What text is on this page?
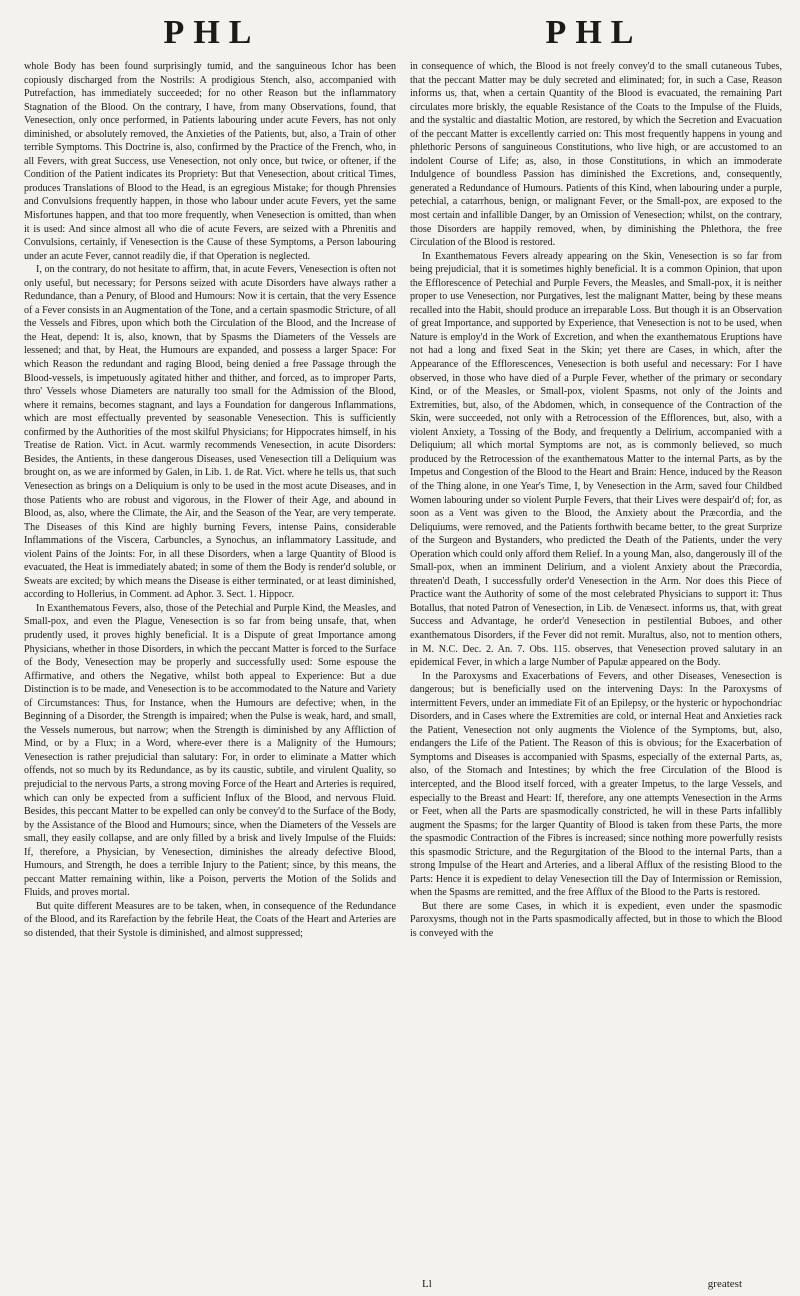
PHL	PHL

whole Body has been found surprisingly tumid, and the sanguineous Ichor has been copiously discharged from the Nostrils: A prodigious Stench, also, accompanied with Putrefaction, has immediately succeeded; for no other Reason but the inflammatory Stagnation of the Blood. On the contrary, I have, from many Observations, found, that Venesection, only once performed, in Patients labouring under acute Fevers, has not only diminished, or absolutely removed, the Anxieties of the Patients, but, also, a Train of other terrible Symptoms. This Doctrine is, also, confirmed by the Practice of the French, who, in all Fevers, with great Success, use Venesection, not only once, but twice, or oftener, if the Condition of the Patient indicates its Propriety: But that Venesection, about critical Times, produces Translations of Blood to the Head, is an egregious Mistake; for though Phrensies and Convulsions frequently happen, in those who labour under acute Fevers, yet the same Misfortunes happen, and that too more frequently, when Venesection is omitted, than when it is used: And since almost all who die of acute Fevers, are seized with a Phrenitis and Convulsions, certainly, if Venesection is the Cause of these Symptoms, a Person labouring under an acute Fever, cannot readily die, if that Operation is neglected.

I, on the contrary, do not hesitate to affirm, that, in acute Fevers, Venesection is often not only useful, but necessary; for Persons seized with acute Disorders have always rather a Redundance, than a Penury, of Blood and Humours: Now it is certain, that the very Essence of a Fever consists in an Augmentation of the Tone, and a certain spasmodic Stricture, of all the Vessels and Fibres, upon which both the Circulation of the Blood, and the Increase of the Heat, depend: It is, also, known, that by Spasms the Diameters of the Vessels are lessened; and that, by Heat, the Humours are expanded, and possess a larger Space: For which Reason the redundant and raging Blood, being denied a free Passage through the Blood-vessels, is impetuously agitated hither and thither, and forced, as to improper Parts, thro' Vessels whose Diameters are naturally too small for the Admission of the Blood, where it remains, becomes stagnant, and lays a Foundation for dangerous Inflammations, which are most effectually prevented by seasonable Venesection. This is sufficiently confirmed by the Authorities of the most skilful Physicians; for Hippocrates himself, in his Treatise de Ration. Vict. in Acut. warmly recommends Venesection, in acute Disorders: Besides, the Antients, in these dangerous Diseases, used Venesection till a Deliquium was brought on, as we are informed by Galen, in Lib. 1. de Rat. Vict. where he tells us, that such Venesection as brings on a Deliquium is only to be used in the most acute Diseases, and in those Patients who are robust and vigorous, in the Flower of their Age, and abound in Blood, as, also, where the Climate, the Air, and the Season of the Year, are very temperate. The Diseases of this Kind are highly burning Fevers, intense Pains, considerable Inflammations of the Viscera, Carbuncles, a Synochus, an inflammatory Lassitude, and violent Pains of the Joints: For, in all these Disorders, when a large Quantity of Blood is evacuated, the Heat is immediately abated; in some of them the Body is render'd soluble, or Sweats are excited; by which means the Disease is either terminated, or at least diminished, according to Hollerius, in Comment. ad Aphor. 3. Sect. 1. Hippocr.

In Exanthematous Fevers, also, those of the Petechial and Purple Kind, the Measles, and Small-pox, and even the Plague, Venesection is so far from being unsafe, that, when prudently used, it proves highly beneficial. It is a Dispute of great Importance among Physicians, whether in those Disorders, in which the peccant Matter is forced to the Surface of the Body, Venesection may be properly and successfully used: Some espouse the Affirmative, and others the Negative, whilst both appeal to Experience: But a due Distinction is to be made, and Venesection is to be accommodated to the Nature and Variety of Circumstances: Thus, for Instance, when the Humours are defective; when, in the Beginning of a Disorder, the Strength is impaired; when the Pulse is weak, hard, and small, the Vessels numerous, but narrow; when the Strength is diminished by any Affliction of Mind, or by a Flux; in a Word, where-ever there is a Malignity of the Humours; Venesection is rather prejudicial than salutary: For, in order to eliminate a Matter which offends, not so much by its Redundance, as by its caustic, subtile, and virulent Quality, so prejudicial to the nervous Parts, a strong moving Force of the Heart and Arteries is required, which can only be expected from a sufficient Influx of the Blood, and nervous Fluid. Besides, this peccant Matter to be expelled can only be convey'd to the Surface of the Body, by the Assistance of the Blood and Humours; since, when the Diameters of the Vessels are small, they easily collapse, and are only filled by a brisk and lively Impulse of the Fluids: If, therefore, a Physician, by Venesection, diminishes the already defective Blood, Humours, and Strength, he does a terrible Injury to the Patient; since, by this means, the peccant Matter remaining within, like a Poison, perverts the Motion of the Solids and Fluids, and proves mortal.

But quite different Measures are to be taken, when, in consequence of the Redundance of the Blood, and its Rarefaction by the febrile Heat, the Coats of the Heart and Arteries are so distended, that their Systole is diminished, and almost suppressed;

in consequence of which, the Blood is not freely convey'd to the small cutaneous Tubes, that the peccant Matter may be duly secreted and eliminated; for, in such a Case, Reason informs us, that, when a certain Quantity of the Blood is evacuated, the remaining Part circulates more briskly, the equable Resistance of the Coats to the Impulse of the Fluids, and the systaltic and diastaltic Motion, are restored, by which the Secretion and Evacuation of the peccant Matter is excellently carried on: This most frequently happens in young and phlethoric Persons of sanguineous Constitutions, who live high, or are accustomed to an indolent Course of Life; as, also, in those Constitutions, in which an immoderate Indulgence of boundless Passion has diminished the Excretions, and, consequently, generated a Redundance of Humours. Patients of this Kind, when labouring under a purple, petechial, a catarrhous, benign, or malignant Fever, or the Small-pox, are exposed to the most certain and infallible Danger, by an Omission of Venesection; whilst, on the contrary, those Disorders are happily removed, when, by diminishing the Phlethora, the free Circulation of the Blood is restored.

In Exanthematous Fevers already appearing on the Skin, Venesection is so far from being prejudicial, that it is sometimes highly beneficial. It is a common Opinion, that upon the Efflorescence of Petechial and Purple Fevers, the Measles, and Small-pox, it is neither proper to use Venesection, nor Purgatives, lest the malignant Matter, being by these means recalled into the Habit, should produce an irreparable Loss. But though it is an Observation of great Importance, and supported by Experience, that Venesection is not to be used, when Nature is employ'd in the Work of Excretion, and when the exanthematous Eruptions have not had a long and fixed Seat in the Skin; yet there are Cases, in which, after the Appearance of the Efflorescences, Venesection is both useful and necessary: For I have observed, in those who have died of a Purple Fever, whether of the primary or secondary Kind, or of the Measles, or Small-pox, violent Spasms, not only of the Joints and Extremities, but, also, of the Abdomen, which, in consequence of the Contraction of the Skin, were succeeded, not only with a Retrocession of the Efflorences, but, also, with a violent Anxiety, a Tossing of the Body, and frequently a Delirium, accompanied with a Deliquium; all which mortal Symptoms are not, as is commonly believed, so much produced by the Retrocession of the exanthematous Matter to the internal Parts, as by the Impetus and Congestion of the Blood to the Heart and Brain: Hence, induced by the Reason of the Thing alone, in one Year's Time, I, by Venesection in the Arm, saved four Childbed Women labouring under so violent Purple Fevers, that their Lives were despair'd of; for, as soon as a Vent was given to the Blood, the Anxiety about the Præcordia, and the Deliquiums, were removed, and the Patients forthwith became better, to the great Surprize of the Surgeon and Bystanders, who predicted the Death of the Patients, under the very Operation which could only afford them Relief. In a young Man, also, dangerously ill of the Small-pox, when an imminent Delirium, and a violent Anxiety about the Præcordia, threaten'd Death, I successfully order'd Venesection in the Arm. Nor does this Piece of Practice want the Authority of some of the most celebrated Physicians to support it: Thus Botallus, that noted Patron of Venesection, in Lib. de Venæsect. informs us, that, with great Success and Advantage, he order'd Venesection in pestilential Buboes, and other exanthematous Disorders, if the Fever did not remit. Muraltus, also, not to mention others, in M. N.C. Dec. 2. An. 7. Obs. 115. observes, that Venesection proved salutary in an epidemical Fever, in which a large Number of Papulæ appeared on the Body.

In the Paroxysms and Exacerbations of Fevers, and other Diseases, Venesection is dangerous; but is beneficially used on the intervening Days: In the Paroxysms of intermittent Fevers, under an immediate Fit of an Epilepsy, or the hysteric or hypochondriac Disorders, and in Cases where the Extremities are cold, or internal Heat and Anxieties rack the Patient, Venesection not only augments the Violence of the Symptoms, but, also, endangers the Life of the Patient. The Reason of this is obvious; for the Exacerbation of Symptoms and Diseases is accompanied with Spasms, especially of the external Parts, as, also, of the Stomach and Intestines; by which the free Circulation of the Blood is intercepted, and the Blood itself forced, with a greater Impetus, to the large Vessels, and especially to the Breast and Heart: If, therefore, any one attempts Venesection in the Arms or Feet, when all the Parts are spasmodically constricted, he will in these Parts infallibly augment the Spasms; for the larger Quantity of Blood is taken from these Parts, the more the spasmodic Contraction of the Fibres is increased; since nothing more powerfully resists this spasmodic Stricture, and the Regurgitation of the Blood to the internal Parts, than a strong Impulse of the Heart and Arteries, and a liberal Afflux of the resisting Blood to the Parts: Hence it is expedient to delay Venesection till the Day of Intermission or Remission, when the Spasms are remitted, and the free Afflux of the Blood to the Parts is restored.

But there are some Cases, in which it is expedient, even under the spasmodic Paroxysms, though not in the Parts spasmodically affected, but in those to which the Blood is conveyed with the

Ll	greatest
